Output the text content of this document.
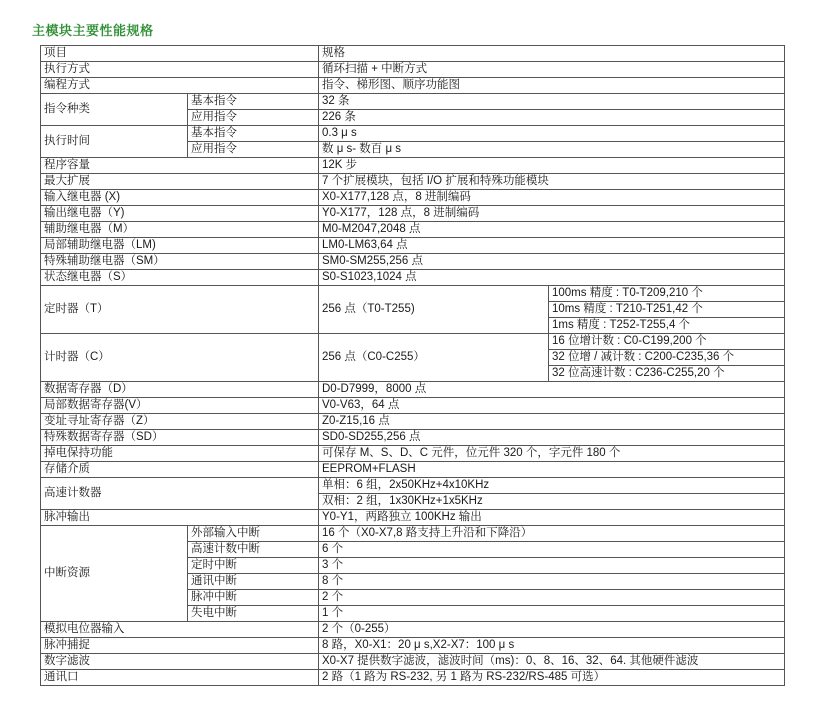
主模块主要性能规格
项目		规格	
执行方式		循环扫描 + 中断方式	
编程方式		指令、梯形图、顺序功能图	
指令种类	基本指令	32 条	
	应用指令	226 条	
执行时间	基本指令	0.3 μ s	
	应用指令	数 μ s- 数百 μ s	
程序容量		12K 步	
最大扩展		7 个扩展模块，包括 I/O 扩展和特殊功能模块	
输入继电器 (X)		X0-X177,128 点，8 进制编码	
输出继电器（Y)		Y0-X177，128 点，8 进制编码	
辅助继电器（M）		M0-M2047,2048 点	
局部辅助继电器（LM)		LM0-LM63,64 点	
特殊辅助继电器（SM）		SM0-SM255,256 点	
状态继电器（S）		S0-S1023,1024 点	
定时器（T）		256 点（T0-T255)	100ms 精度 : T0-T209,210 个
			10ms 精度 : T210-T251,42 个
			1ms 精度 : T252-T255,4 个
计时器（C）		256 点（C0-C255）	16 位增计数 : C0-C199,200 个
			32 位增 / 减计数 : C200-C235,36 个
			32 位高速计数 : C236-C255,20 个
数据寄存器（D）		D0-D7999，8000 点	
局部数据寄存器(V）		V0-V63，64 点	
变址寻址寄存器（Z）		Z0-Z15,16 点	
特殊数据寄存器（SD）		SD0-SD255,256 点	
掉电保持功能		可保存 M、S、D、C 元件，位元件 320 个，字元件 180 个	
存储介质		EEPROM+FLASH	
高速计数器		单相：6 组，2x50KHz+4x10KHz	
		双相：2 组，1x30KHz+1x5KHz	
脉冲输出		Y0-Y1，两路独立 100KHz 输出	
中断资源	外部输入中断	16 个（X0-X7,8 路支持上升沿和下降沿）	
	高速计数中断	6 个	
	定时中断	3 个	
	通讯中断	8 个	
	脉冲中断	2 个	
	失电中断	1 个	
模拟电位器输入		2 个（0-255）	
脉冲捕捉		8 路，X0-X1：20 μ s,X2-X7：100 μ s	
数字滤波		X0-X7 提供数字滤波，滤波时间（ms)：0、8、16、32、64. 其他硬件滤波	
通讯口		2 路（1 路为 RS-232, 另 1 路为 RS-232/RS-485 可选）	
